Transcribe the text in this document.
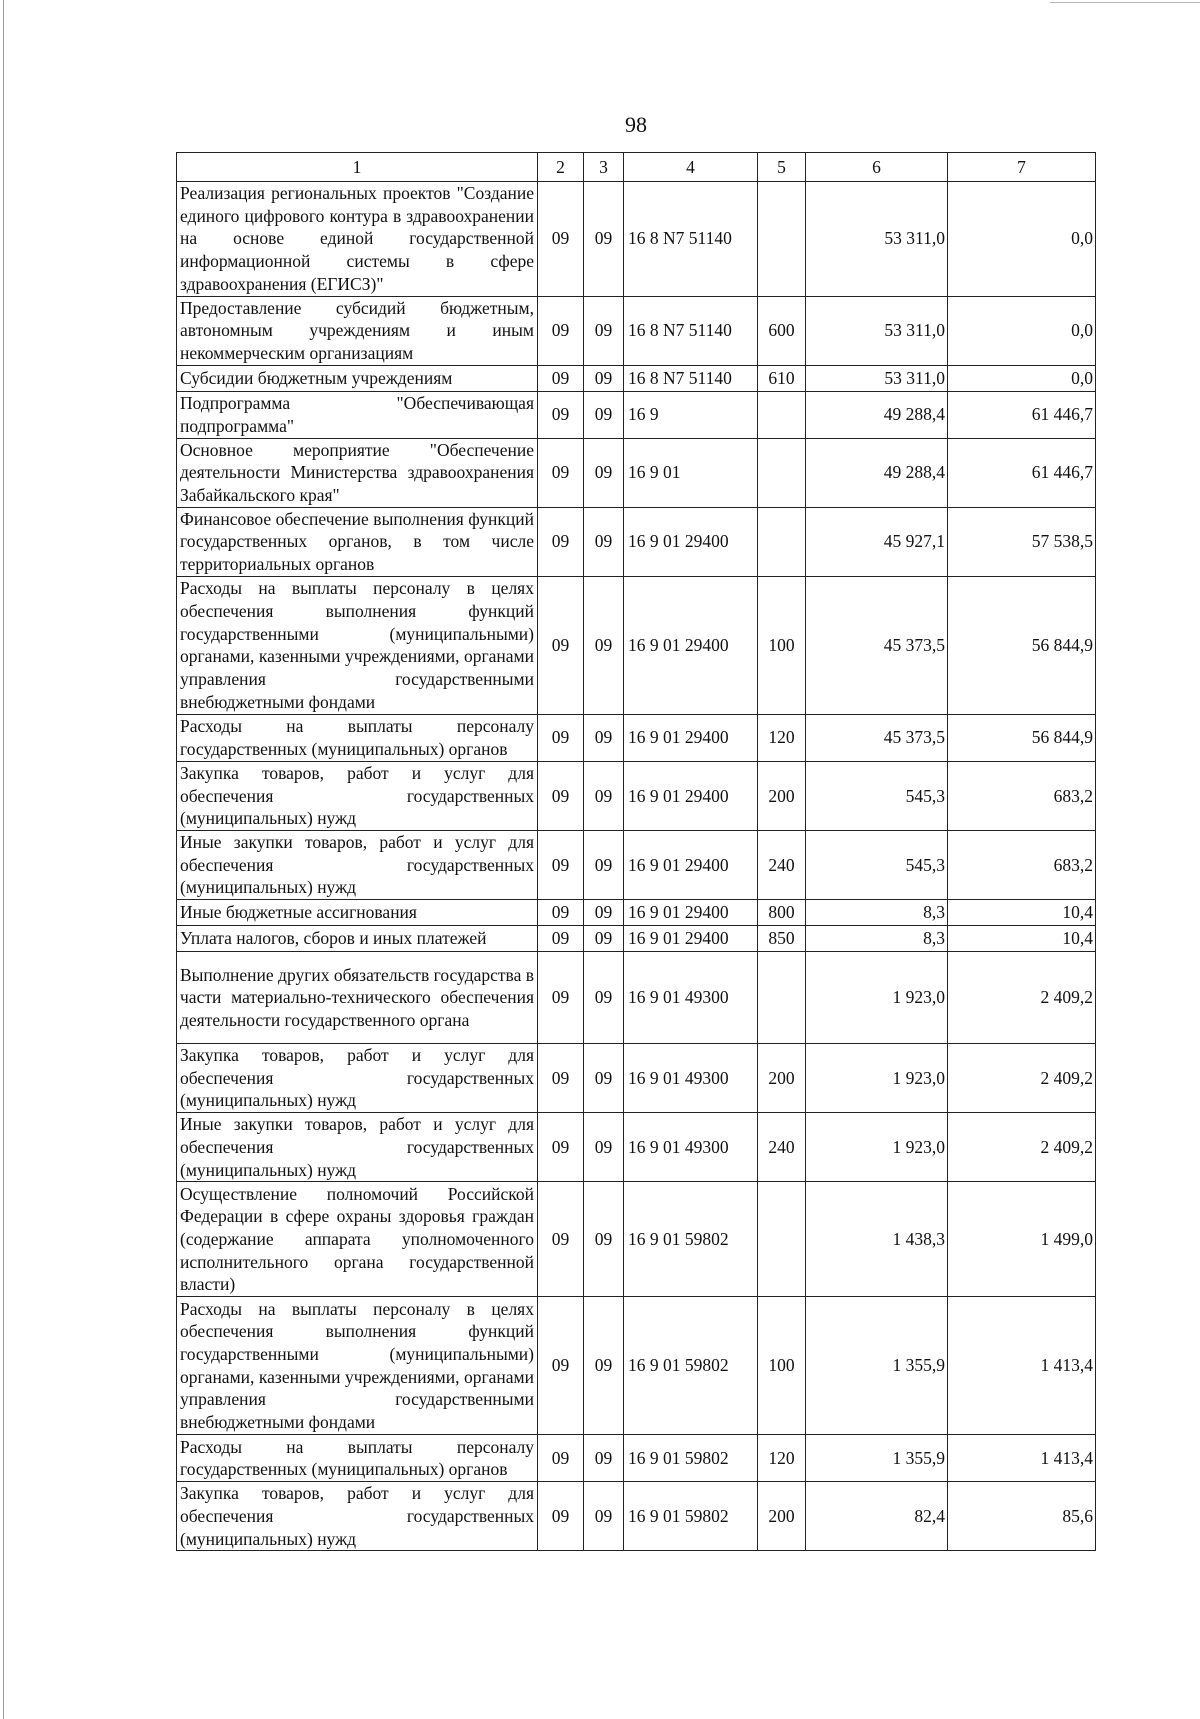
98
1	2	3	4	5	6	7
Реализация региональных проектов "Создание единого цифрового контура в здравоохранении на основе единой государственной информационной системы в сфере здравоохранения (ЕГИСЗ)"	09	09	16 8 N7 51140		53 311,0	0,0
Предоставление субсидий бюджетным, автономным учреждениям и иным некоммерческим организациям	09	09	16 8 N7 51140	600	53 311,0	0,0
Субсидии бюджетным учреждениям	09	09	16 8 N7 51140	610	53 311,0	0,0
Подпрограмма "Обеспечивающая подпрограмма"	09	09	16 9		49 288,4	61 446,7
Основное мероприятие "Обеспечение деятельности Министерства здравоохранения Забайкальского края"	09	09	16 9 01		49 288,4	61 446,7
Финансовое обеспечение выполнения функций государственных органов, в том числе территориальных органов	09	09	16 9 01 29400		45 927,1	57 538,5
Расходы на выплаты персоналу в целях обеспечения выполнения функций государственными (муниципальными) органами, казенными учреждениями, органами управления государственными внебюджетными фондами	09	09	16 9 01 29400	100	45 373,5	56 844,9
Расходы на выплаты персоналу государственных (муниципальных) органов	09	09	16 9 01 29400	120	45 373,5	56 844,9
Закупка товаров, работ и услуг для обеспечения государственных (муниципальных) нужд	09	09	16 9 01 29400	200	545,3	683,2
Иные закупки товаров, работ и услуг для обеспечения государственных (муниципальных) нужд	09	09	16 9 01 29400	240	545,3	683,2
Иные бюджетные ассигнования	09	09	16 9 01 29400	800	8,3	10,4
Уплата налогов, сборов и иных платежей	09	09	16 9 01 29400	850	8,3	10,4
Выполнение других обязательств государства в части материально-технического обеспечения деятельности государственного органа	09	09	16 9 01 49300		1 923,0	2 409,2
Закупка товаров, работ и услуг для обеспечения государственных (муниципальных) нужд	09	09	16 9 01 49300	200	1 923,0	2 409,2
Иные закупки товаров, работ и услуг для обеспечения государственных (муниципальных) нужд	09	09	16 9 01 49300	240	1 923,0	2 409,2
Осуществление полномочий Российской Федерации в сфере охраны здоровья граждан (содержание аппарата уполномоченного исполнительного органа государственной власти)	09	09	16 9 01 59802		1 438,3	1 499,0
Расходы на выплаты персоналу в целях обеспечения выполнения функций государственными (муниципальными) органами, казенными учреждениями, органами управления государственными внебюджетными фондами	09	09	16 9 01 59802	100	1 355,9	1 413,4
Расходы на выплаты персоналу государственных (муниципальных) органов	09	09	16 9 01 59802	120	1 355,9	1 413,4
Закупка товаров, работ и услуг для обеспечения государственных (муниципальных) нужд	09	09	16 9 01 59802	200	82,4	85,6
